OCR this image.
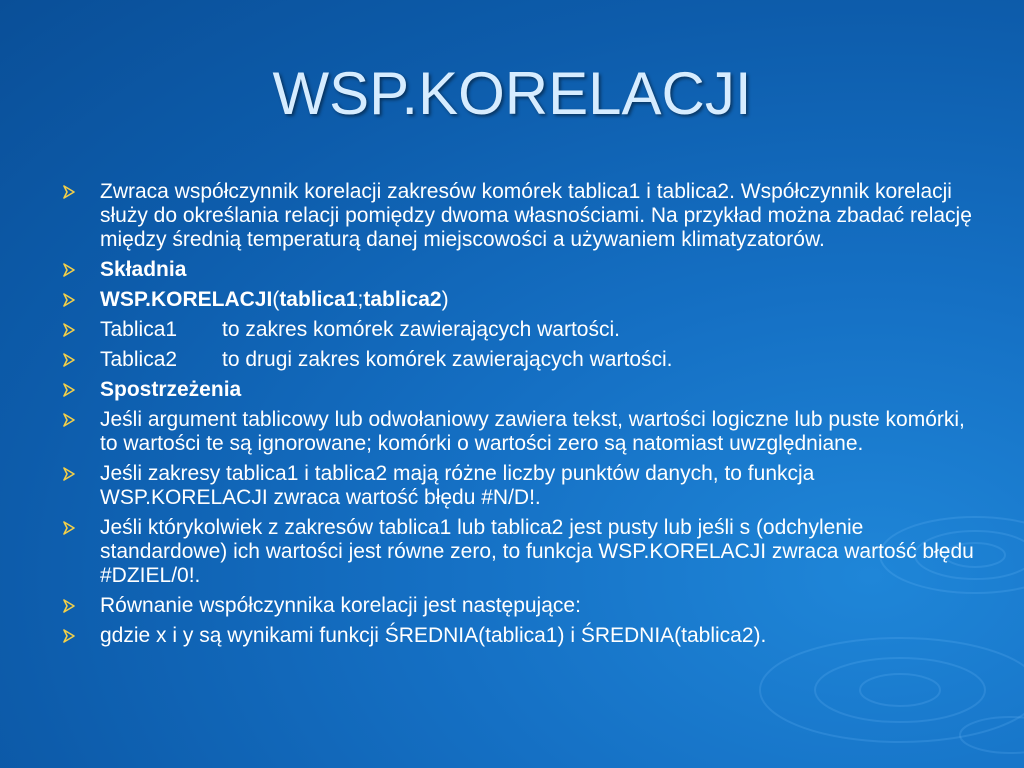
WSP.KORELACJI
Zwraca współczynnik korelacji zakresów komórek tablica1 i tablica2. Współczynnik korelacji służy do określania relacji pomiędzy dwoma własnościami. Na przykład można zbadać relację między średnią temperaturą danej miejscowości a używaniem klimatyzatorów.
Składnia
WSP.KORELACJI(tablica1;tablica2)
Tablica1 to zakres komórek zawierających wartości.
Tablica2 to drugi zakres komórek zawierających wartości.
Spostrzeżenia
Jeśli argument tablicowy lub odwołaniowy zawiera tekst, wartości logiczne lub puste komórki, to wartości te są ignorowane; komórki o wartości zero są natomiast uwzględniane.
Jeśli zakresy tablica1 i tablica2 mają różne liczby punktów danych, to funkcja WSP.KORELACJI zwraca wartość błędu #N/D!.
Jeśli którykolwiek z zakresów tablica1 lub tablica2 jest pusty lub jeśli s (odchylenie standardowe) ich wartości jest równe zero, to funkcja WSP.KORELACJI zwraca wartość błędu #DZIEL/0!.
Równanie współczynnika korelacji jest następujące:
gdzie x i y są wynikami funkcji ŚREDNIA(tablica1) i ŚREDNIA(tablica2).
